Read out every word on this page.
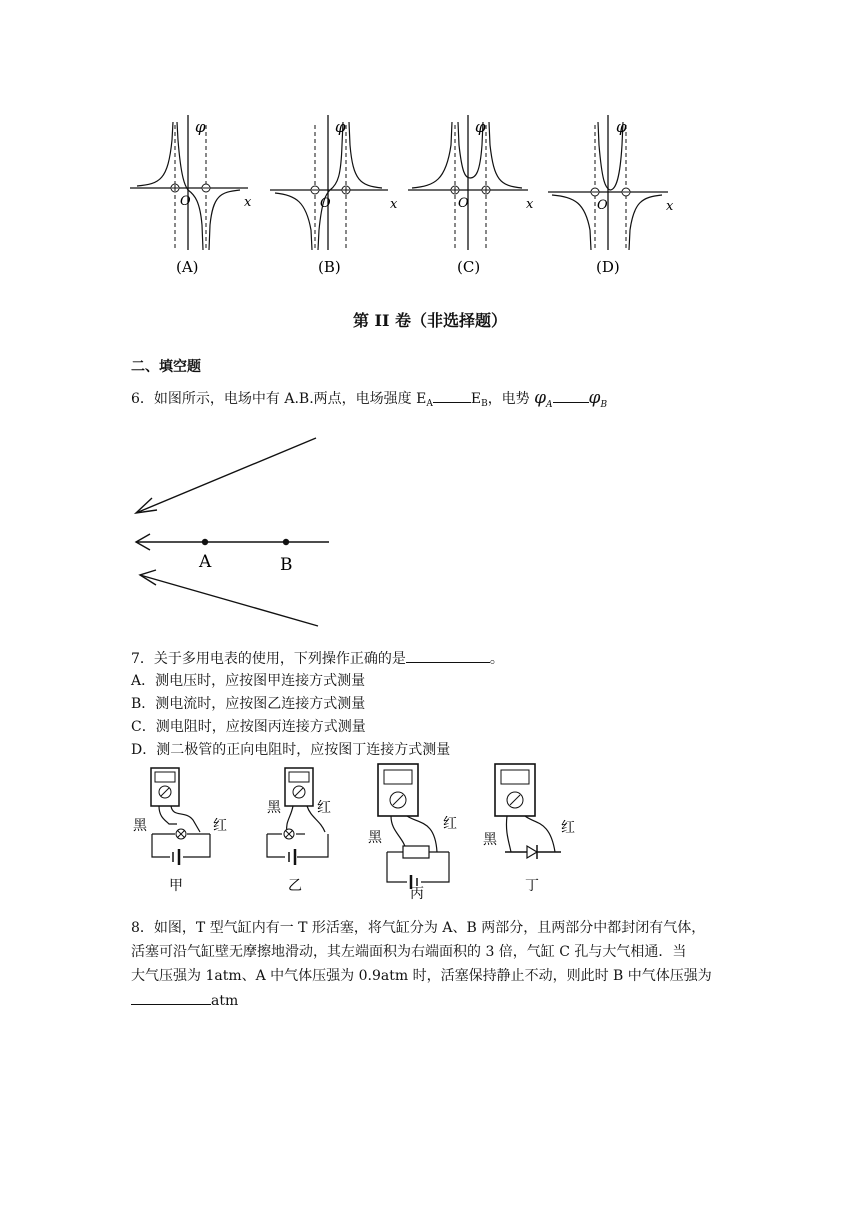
φ
O	x
(A)
φ
O	x
(B)
φ
O	x
(C)
φ
O	x
(D)
第 II 卷（非选择题）
二、填空题
6．如图所示，电场中有 A.B.两点，电场强度 $E_A$	$E_B$，电势 $\varphi_A$ $\varphi_B$
A	B
7．关于多用电表的使用，下列操作正确的是	。
A．测电压时，应按图甲连接方式测量
B．测电流时，应按图乙连接方式测量
C．测电阻时，应按图丙连接方式测量
D．测二极管的正向电阻时，应按图丁连接方式测量
黑	红
甲
黑	红
乙
黑
红
丙
黑
红
丁
8．如图，T 型气缸内有一 T 形活塞，将气缸分为 A、B 两部分，且两部分中都封闭有气体，
活塞可沿气缸壁无摩擦地滑动，其左端面积为右端面积的 3 倍，气缸 C 孔与大气相通．当
大气压强为 1atm、A 中气体压强为 0.9atm 时，活塞保持静止不动，则此时 B 中气体压强为
atm
